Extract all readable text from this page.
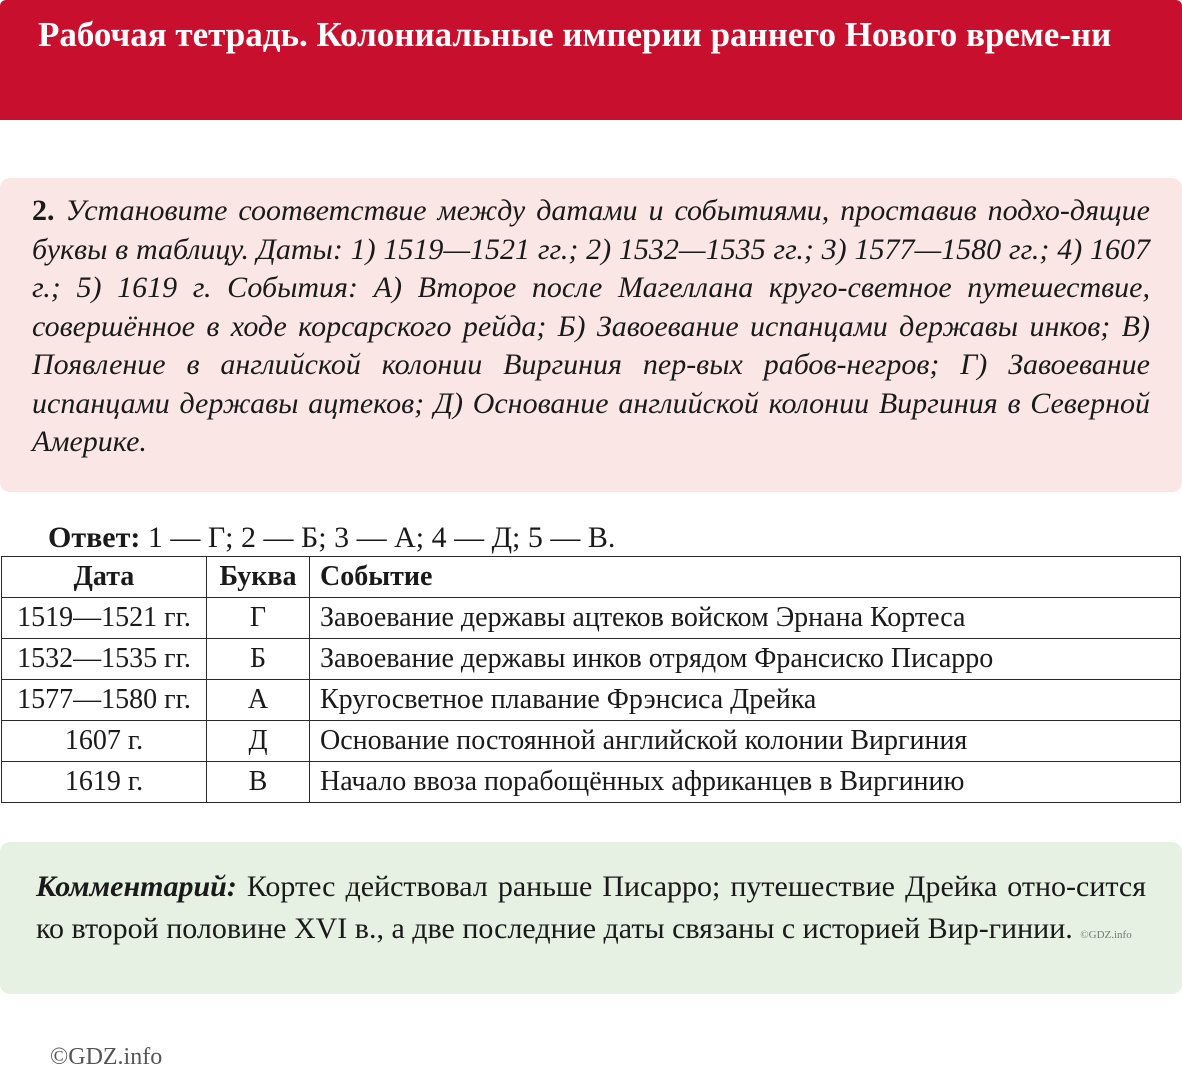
Рабочая тетрадь. Колониальные империи раннего Нового време-ни

2. Установите соответствие между датами и событиями, проставив подхо-дящие буквы в таблицу. Даты: 1) 1519—1521 гг.; 2) 1532—1535 гг.; 3) 1577—1580 гг.; 4) 1607 г.; 5) 1619 г. События: А) Второе после Магеллана круго-светное путешествие, совершённое в ходе корсарского рейда; Б) Завоевание испанцами державы инков; В) Появление в английской колонии Виргиния пер-вых рабов-негров; Г) Завоевание испанцами державы ацтеков; Д) Основание английской колонии Виргиния в Северной Америке.

Ответ: 1 — Г; 2 — Б; 3 — А; 4 — Д; 5 — В.
Дата	Буква	Событие
1519—1521 гг.	Г	Завоевание державы ацтеков войском Эрнана Кортеса
1532—1535 гг.	Б	Завоевание державы инков отрядом Франсиско Писарро
1577—1580 гг.	А	Кругосветное плавание Фрэнсиса Дрейка
1607 г.	Д	Основание постоянной английской колонии Виргиния
1619 г.	В	Начало ввоза порабощённых африканцев в Виргинию

Комментарий: Кортес действовал раньше Писарро; путешествие Дрейка отно-сится ко второй половине XVI в., а две последние даты связаны с историей Вир-гинии. ©GDZ.info

©GDZ.info
